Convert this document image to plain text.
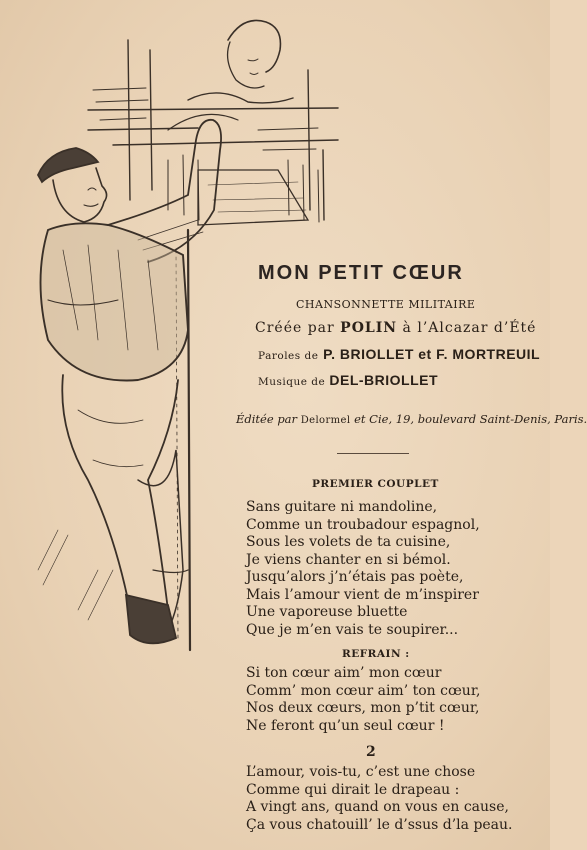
MON PETIT CŒUR
CHANSONNETTE MILITAIRE
Créée par POLIN à l’Alcazar d’Été
Paroles de P. BRIOLLET et F. MORTREUIL
Musique de DEL-BRIOLLET
Éditée par Delormel et Cie, 19, boulevard Saint-Denis, Paris.
PREMIER COUPLET
Sans guitare ni mandoline,
Comme un troubadour espagnol,
Sous les volets de ta cuisine,
Je viens chanter en si bémol.
Jusqu’alors j’n’étais pas poète,
Mais l’amour vient de m’inspirer
Une vaporeuse bluette
Que je m’en vais te soupirer...
REFRAIN :
Si ton cœur aim’ mon cœur
Comm’ mon cœur aim’ ton cœur,
Nos deux cœurs, mon p’tit cœur,
Ne feront qu’un seul cœur !
2
L’amour, vois-tu, c’est une chose
Comme qui dirait le drapeau :
A vingt ans, quand on vous en cause,
Ça vous chatouill’ le d’ssus d’la peau.
